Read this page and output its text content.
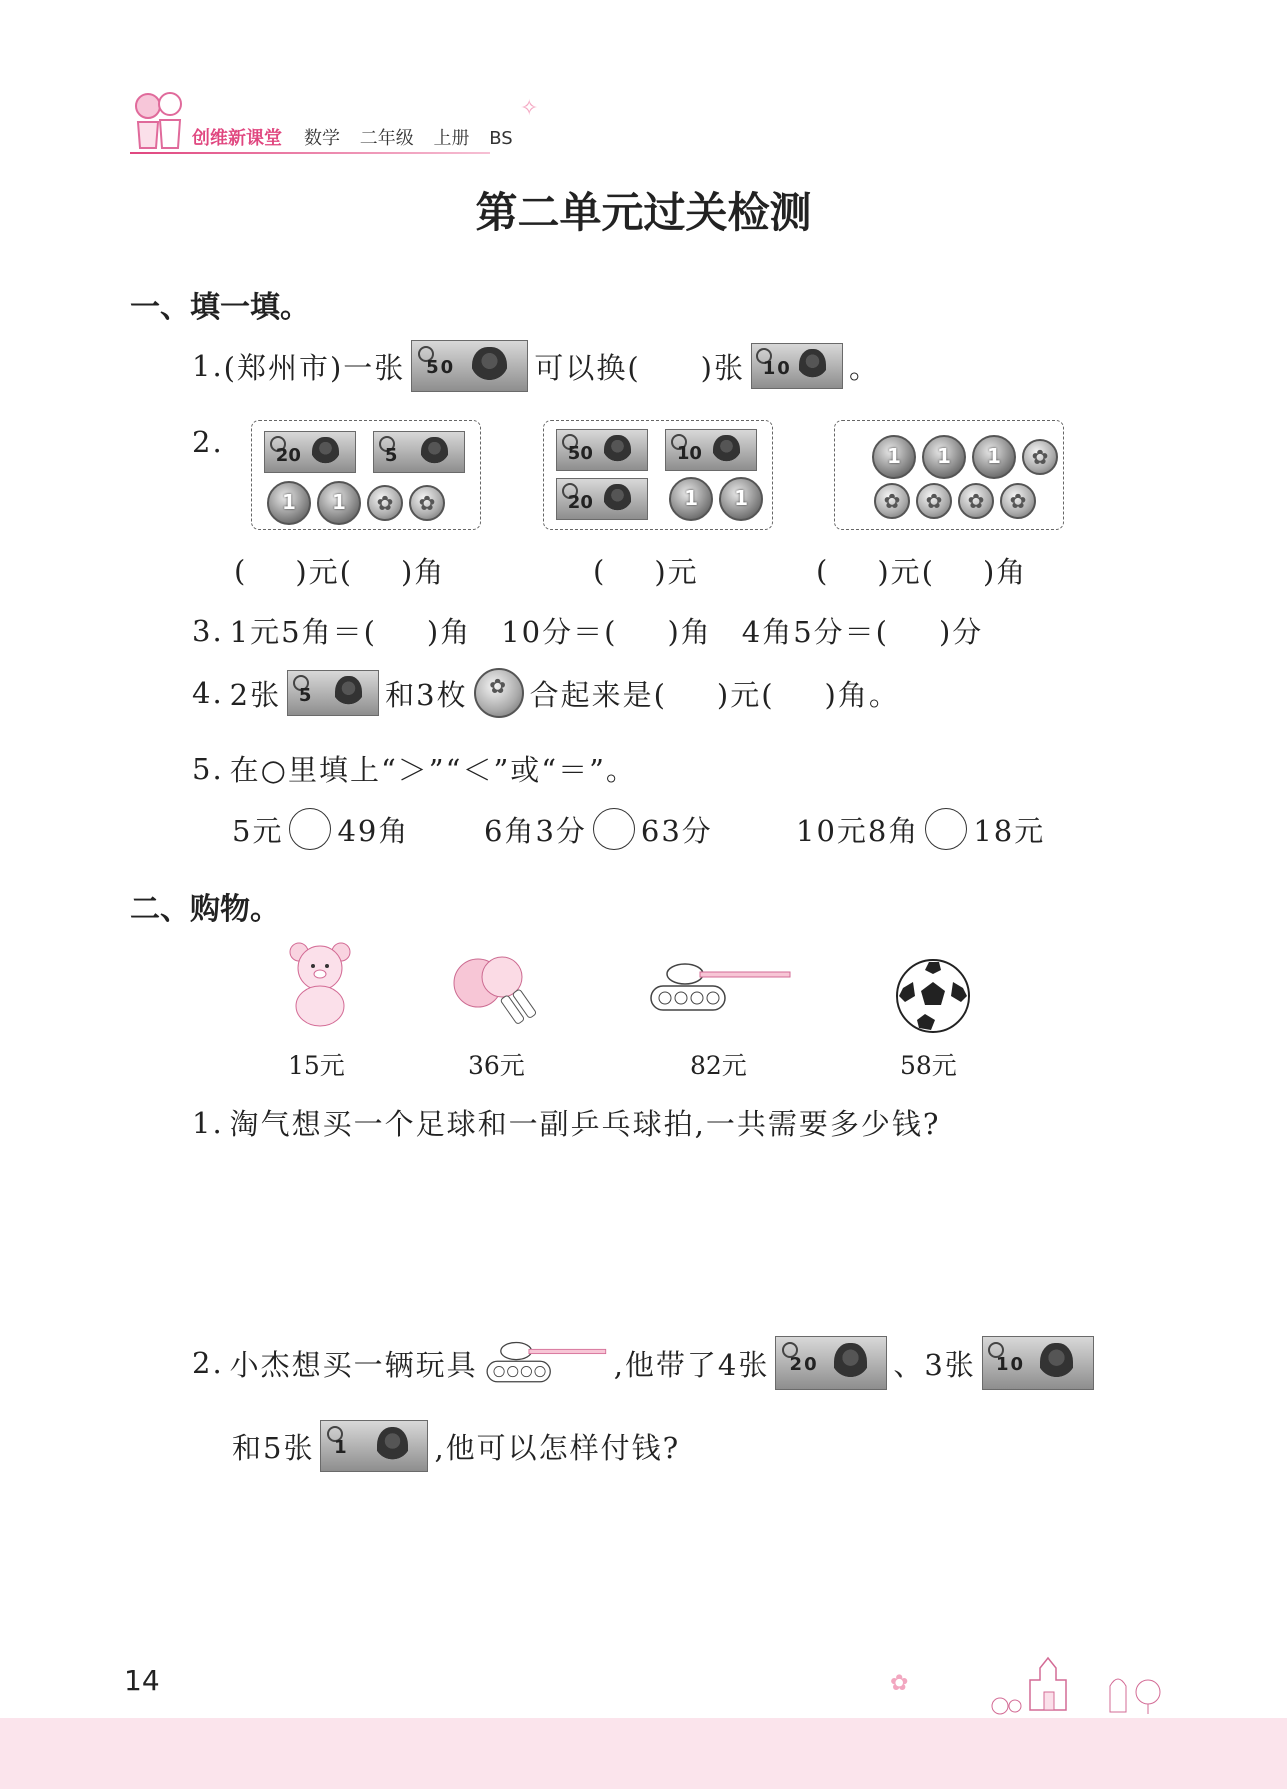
创维新课堂 数学 二年级 上册 BS
✧
第二单元过关检测
一、填一填。
1. (郑州市)一张 50	可以换( )张 10 。
2.	20
	5
1	1
✿✿
50
	10
20
	1	1
1	1	1
✿
✿✿✿✿
( )元( )角	( )元	( )元( )角
3. 1元5角＝( )角 10分＝( )角 4角5分＝( )分
4. 2张 5 和3枚 ✿ 合起来是( )元( )角。
5. 在○里填上“＞”“＜”或“＝”。
5元 49角	6角3分 63分	10元8角 18元
二、购物。
15元	36元	82元	58元
1. 淘气想买一个足球和一副乒乓球拍,一共需要多少钱?
2. 小杰想买一辆玩具	,他带了4张 20	、3张 10
和5张 1	,他可以怎样付钱?
14	✿
